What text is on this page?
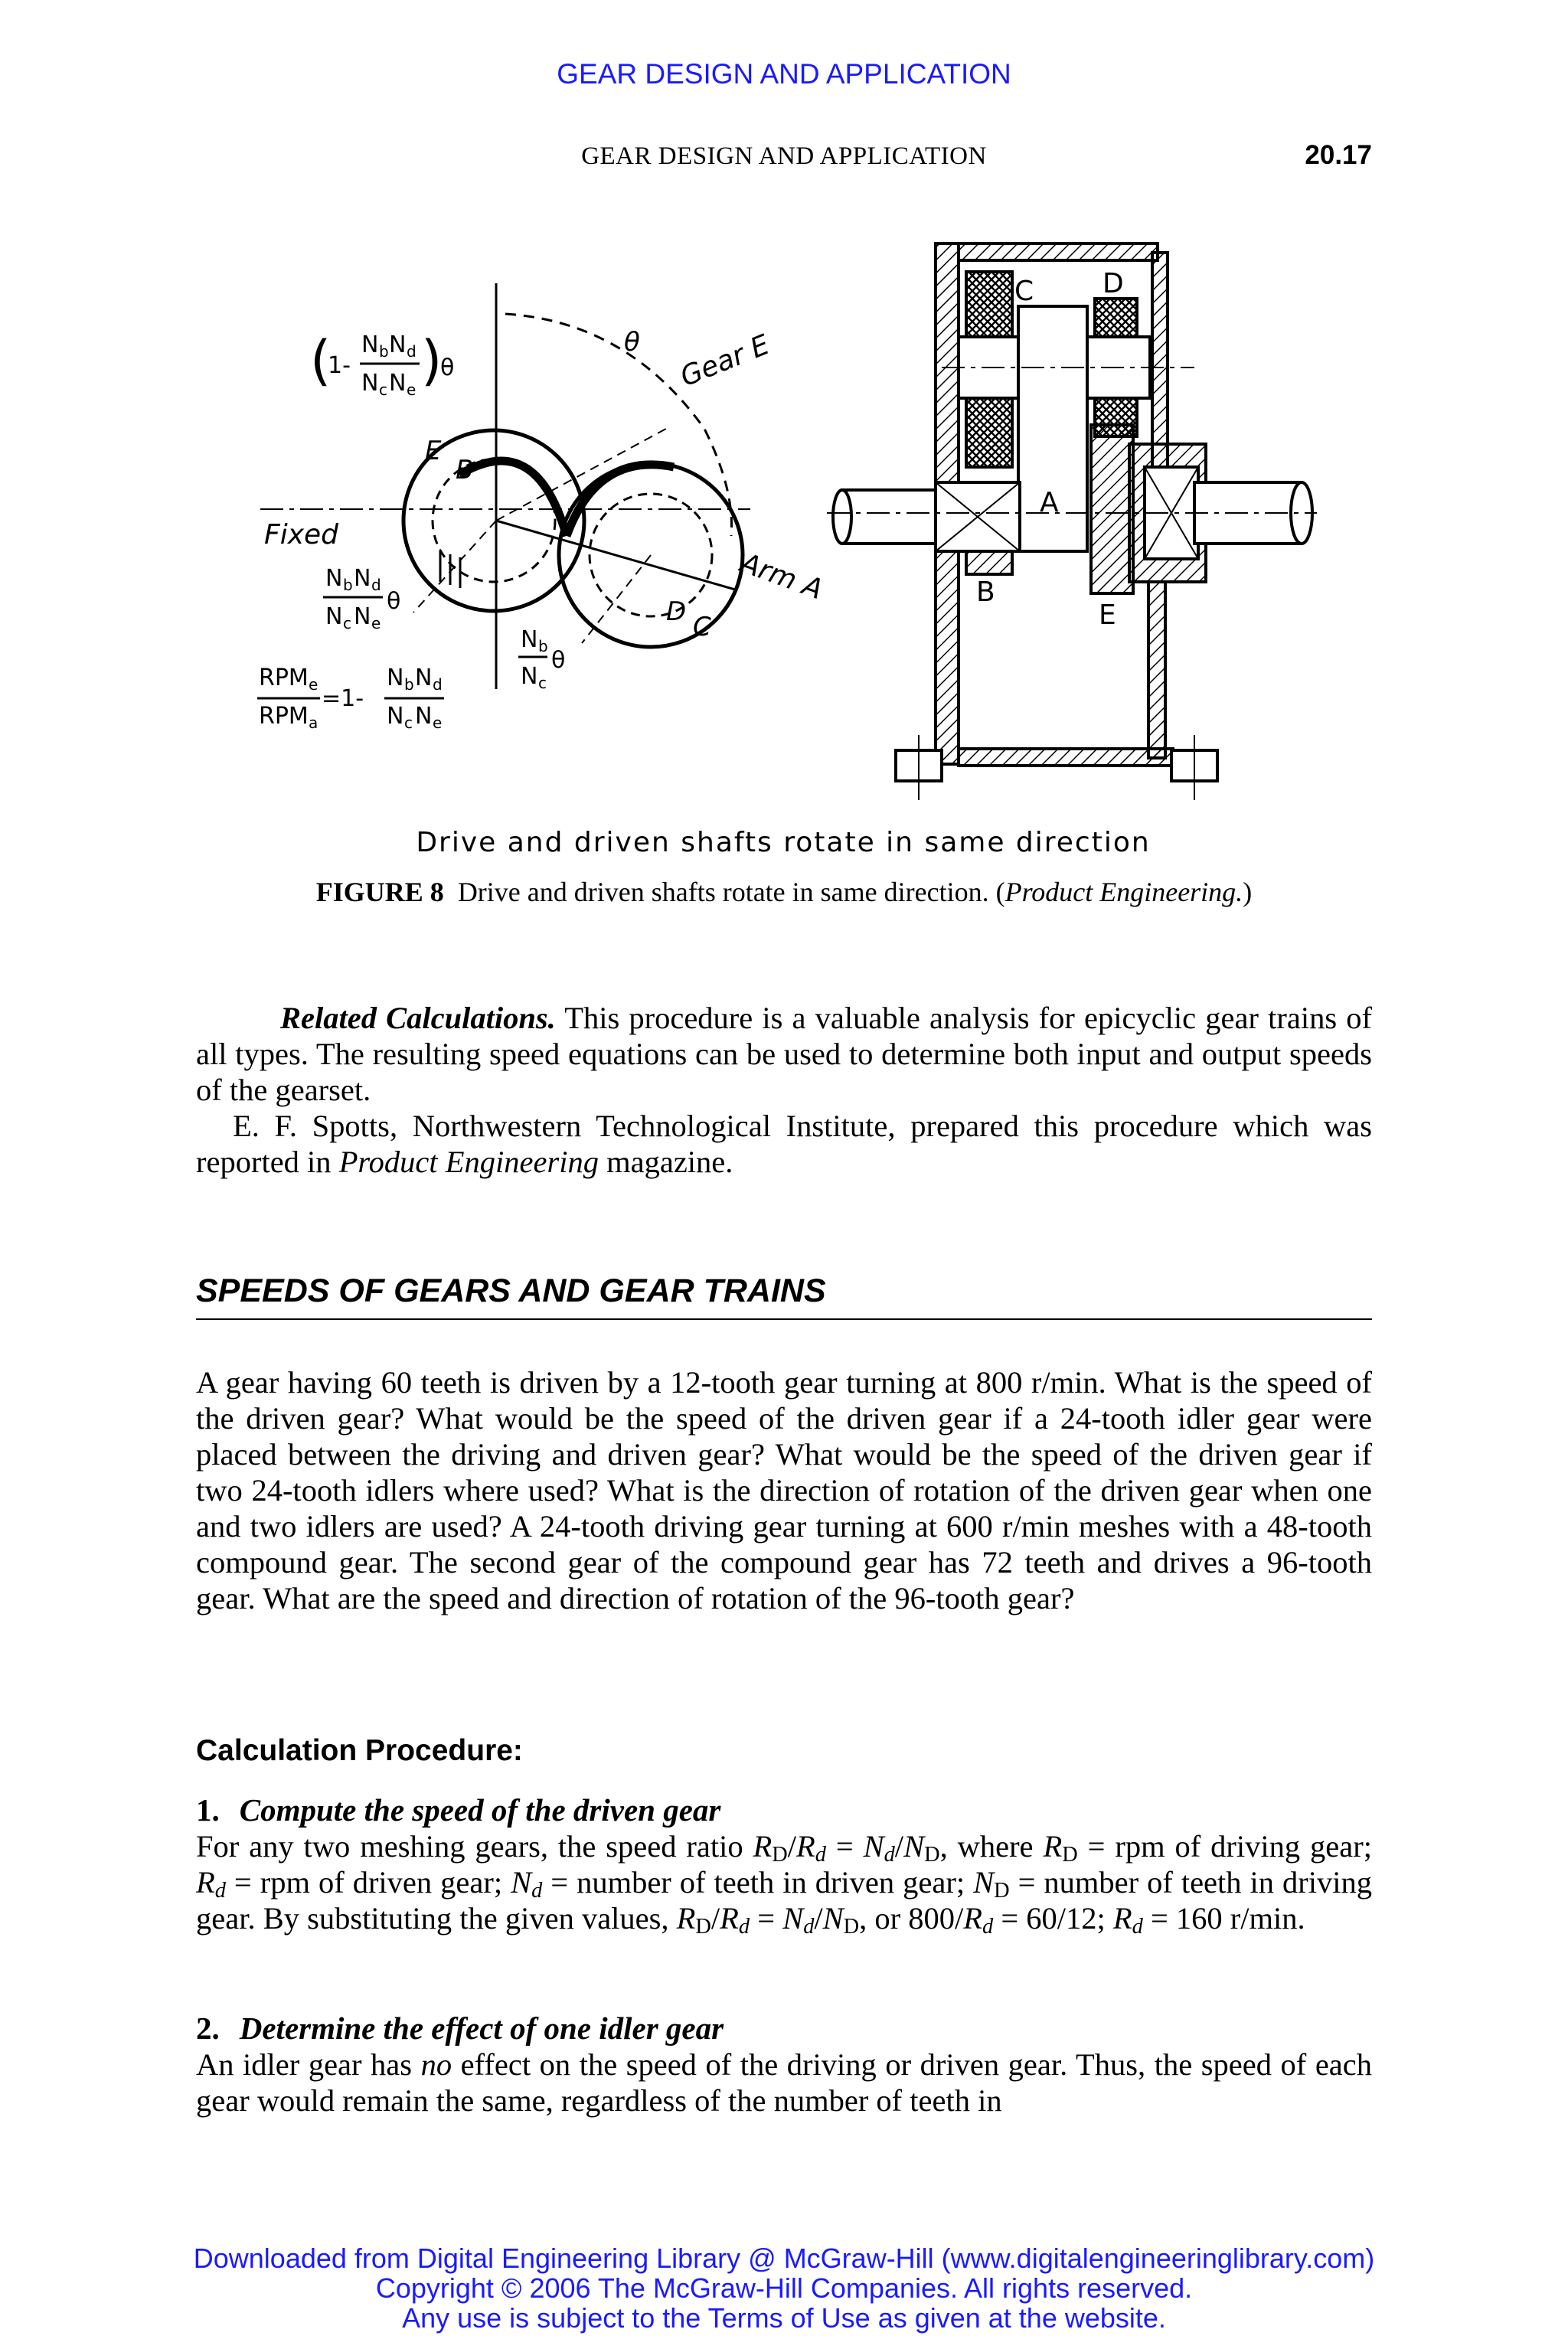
GEAR DESIGN AND APPLICATION
GEAR DESIGN AND APPLICATION	20.17
Gear E
Arm A
Fixed
θ
E
B
D C
(
1-
N b N d
N c N e )
θ
N b N d
N c N e
θ
N b
N c
θ
RPM e
RPM a
=1-
N b N d
N c N e
C D
A
B
E
Drive and driven shafts rotate in same direction
FIGURE 8 Drive and driven shafts rotate in same direction. (Product Engineering.)
Related Calculations. This procedure is a valuable analysis for epicyclic gear trains of all types. The resulting speed equations can be used to determine both input and output speeds of the gearset.
E. F. Spotts, Northwestern Technological Institute, prepared this procedure which was reported in Product Engineering magazine.
SPEEDS OF GEARS AND GEAR TRAINS
A gear having 60 teeth is driven by a 12-tooth gear turning at 800 r/min. What is the speed of the driven gear? What would be the speed of the driven gear if a 24-tooth idler gear were placed between the driving and driven gear? What would be the speed of the driven gear if two 24-tooth idlers where used? What is the direction of rotation of the driven gear when one and two idlers are used? A 24-tooth driving gear turning at 600 r/min meshes with a 48-tooth compound gear. The second gear of the compound gear has 72 teeth and drives a 96-tooth gear. What are the speed and direction of rotation of the 96-tooth gear?
Calculation Procedure:
1. Compute the speed of the driven gear
For any two meshing gears, the speed ratio $R_D/R_d = N_d/N_D$, where $R_D$ = rpm of driving gear; $R_d$ = rpm of driven gear; $N_d$ = number of teeth in driven gear; $N_D$ = number of teeth in driving gear. By substituting the given values, $R_D/R_d = N_d/N_D$, or $800/R_d = 60/12$; $R_d = 160$ r/min.
2. Determine the effect of one idler gear
An idler gear has no effect on the speed of the driving or driven gear. Thus, the speed of each gear would remain the same, regardless of the number of teeth in
Downloaded from Digital Engineering Library @ McGraw-Hill (www.digitalengineeringlibrary.com)
Copyright © 2006 The McGraw-Hill Companies. All rights reserved.
Any use is subject to the Terms of Use as given at the website.
